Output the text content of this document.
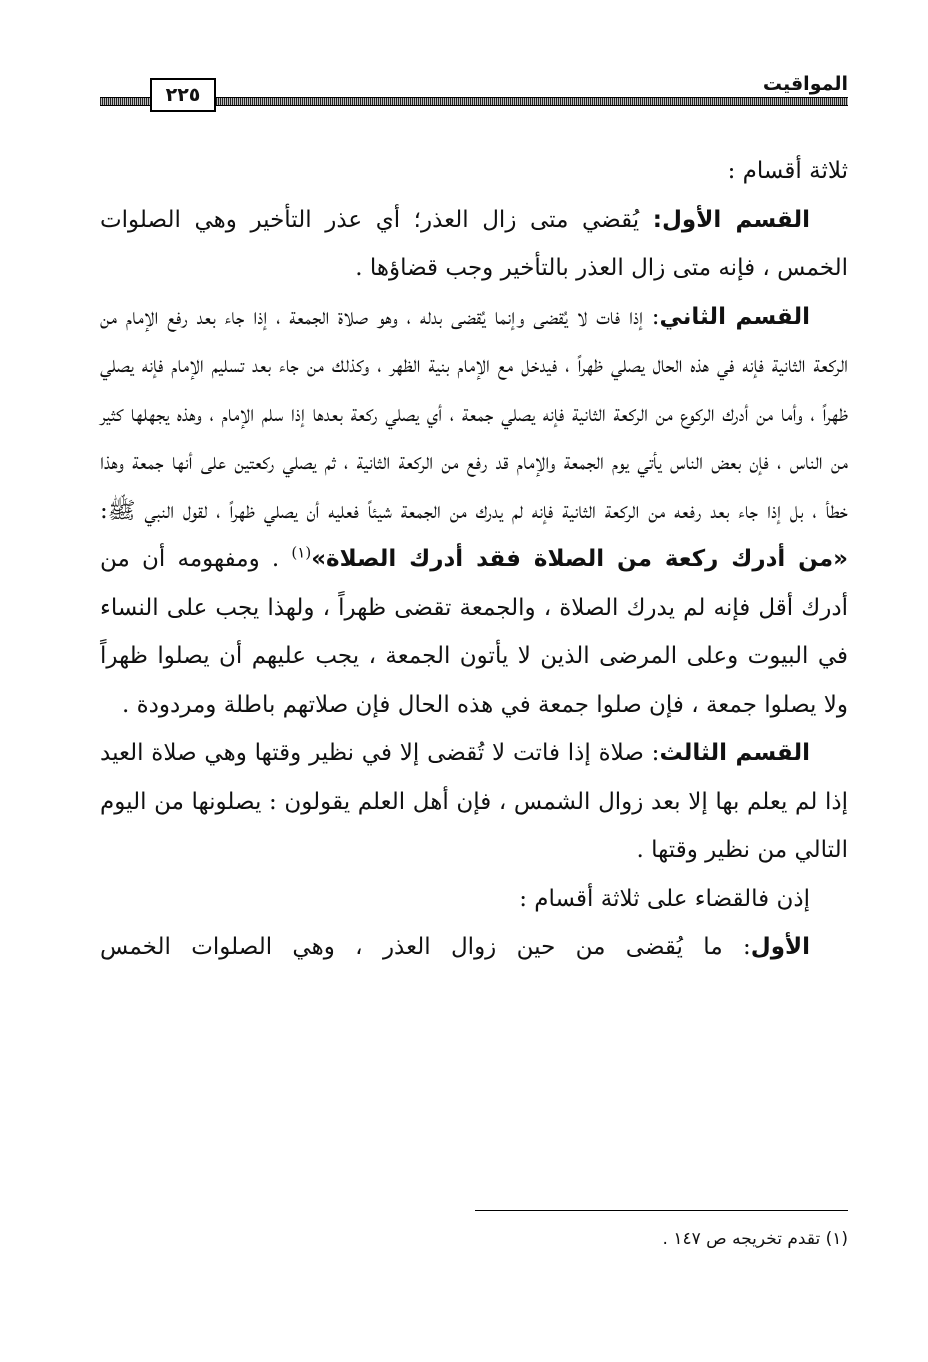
المواقيت
٢٢٥

ثلاثة أقسام :

القسم الأول: يُقضي متى زال العذر؛ أي عذر التأخير وهي الصلوات الخمس ، فإنه متى زال العذر بالتأخير وجب قضاؤها .

القسم الثاني: إذا فات لا يُقضى وإنما يُقضى بدله ، وهو صلاة الجمعة ، إذا جاء بعد رفع الإمام من الركعة الثانية فإنه في هذه الحال يصلي ظهراً ، فيدخل مع الإمام بنية الظهر ، وكذلك من جاء بعد تسليم الإمام فإنه يصلي ظهراً ، وأما من أدرك الركوع من الركعة الثانية فإنه يصلي جمعة ، أي يصلي ركعة بعدها إذا سلم الإمام ، وهذه يجهلها كثير من الناس ، فإن بعض الناس يأتي يوم الجمعة والإمام قد رفع من الركعة الثانية ، ثم يصلي ركعتين على أنها جمعة وهذا خطأ ، بل إذا جاء بعد رفعه من الركعة الثانية فإنه لم يدرك من الجمعة شيئاً فعليه أن يصلي ظهراً ، لقول النبي ﷺ: «من أدرك ركعة من الصلاة فقد أدرك الصلاة»$^{(١)}$ . ومفهومه أن من أدرك أقل فإنه لم يدرك الصلاة ، والجمعة تقضى ظهراً ، ولهذا يجب على النساء في البيوت وعلى المرضى الذين لا يأتون الجمعة ، يجب عليهم أن يصلوا ظهراً ولا يصلوا جمعة ، فإن صلوا جمعة في هذه الحال فإن صلاتهم باطلة ومردودة .

القسم الثالث: صلاة إذا فاتت لا تُقضى إلا في نظير وقتها وهي صلاة العيد إذا لم يعلم بها إلا بعد زوال الشمس ، فإن أهل العلم يقولون : يصلونها من اليوم التالي من نظير وقتها .

إذن فالقضاء على ثلاثة أقسام :

الأول: ما يُقضى من حين زوال العذر ، وهي الصلوات الخمس

(١) تقدم تخريجه ص ١٤٧ .
